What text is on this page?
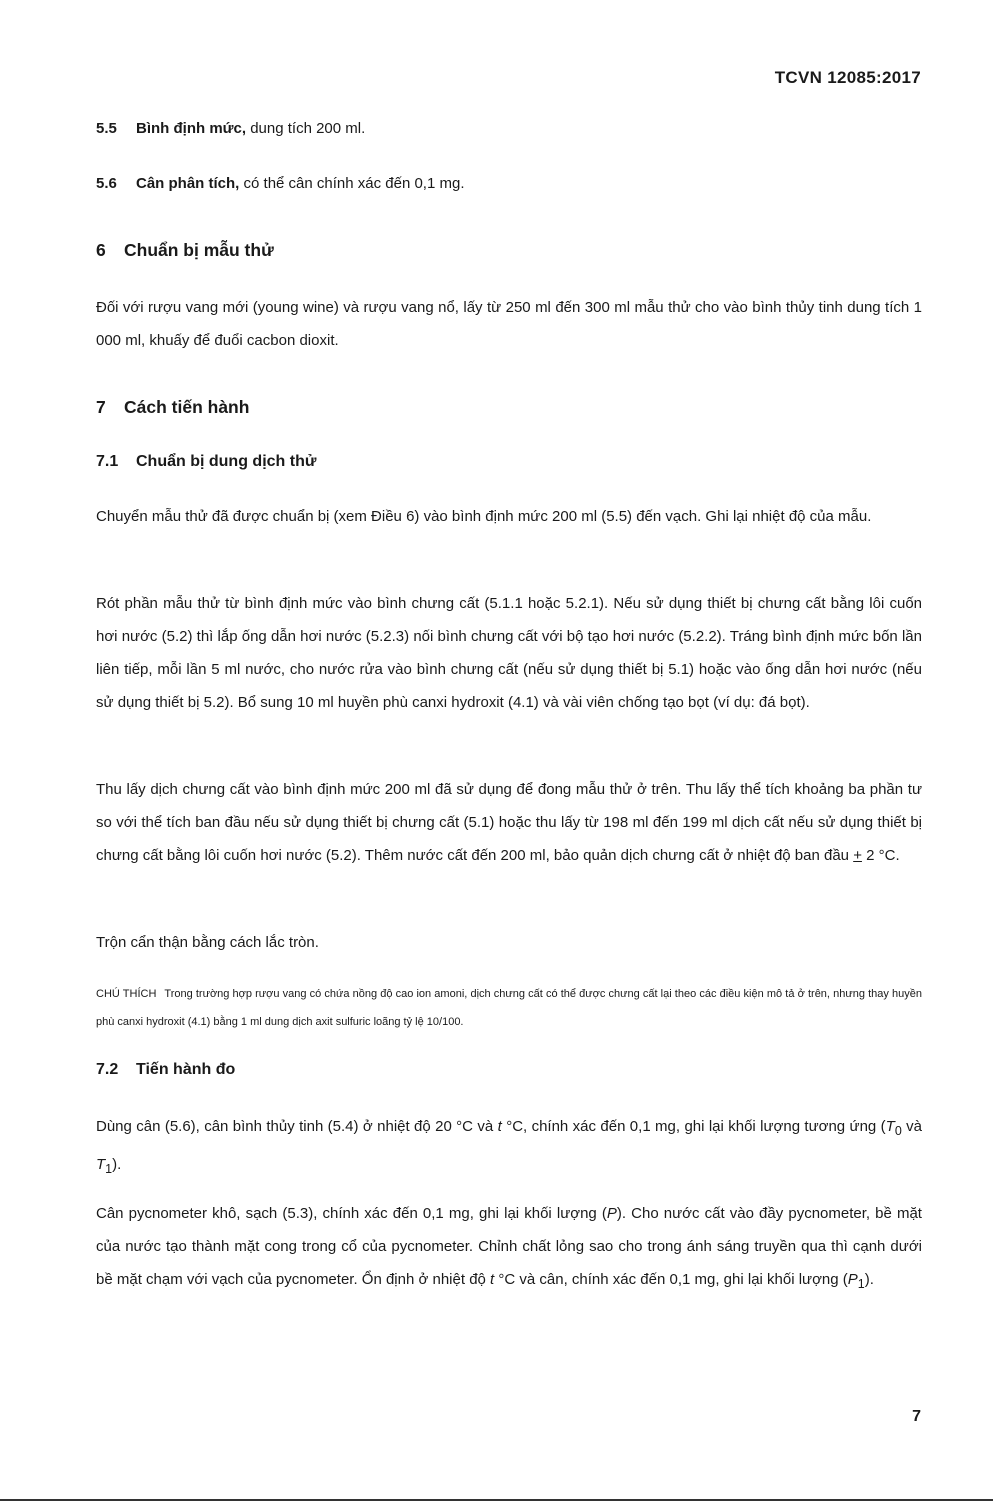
TCVN 12085:2017
5.5 Bình định mức, dung tích 200 ml.
5.6 Cân phân tích, có thể cân chính xác đến 0,1 mg.
6 Chuẩn bị mẫu thử

Đối với rượu vang mới (young wine) và rượu vang nổ, lấy từ 250 ml đến 300 ml mẫu thử cho vào bình thủy tinh dung tích 1 000 ml, khuấy để đuổi cacbon dioxit.

7 Cách tiến hành
7.1 Chuẩn bị dung dịch thử

Chuyển mẫu thử đã được chuẩn bị (xem Điều 6) vào bình định mức 200 ml (5.5) đến vạch. Ghi lại nhiệt độ của mẫu.

Rót phần mẫu thử từ bình định mức vào bình chưng cất (5.1.1 hoặc 5.2.1). Nếu sử dụng thiết bị chưng cất bằng lôi cuốn hơi nước (5.2) thì lắp ống dẫn hơi nước (5.2.3) nối bình chưng cất với bộ tạo hơi nước (5.2.2). Tráng bình định mức bốn lần liên tiếp, mỗi lần 5 ml nước, cho nước rửa vào bình chưng cất (nếu sử dụng thiết bị 5.1) hoặc vào ống dẫn hơi nước (nếu sử dụng thiết bị 5.2). Bổ sung 10 ml huyền phù canxi hydroxit (4.1) và vài viên chống tạo bọt (ví dụ: đá bọt).

Thu lấy dịch chưng cất vào bình định mức 200 ml đã sử dụng để đong mẫu thử ở trên. Thu lấy thể tích khoảng ba phần tư so với thể tích ban đầu nếu sử dụng thiết bị chưng cất (5.1) hoặc thu lấy từ 198 ml đến 199 ml dịch cất nếu sử dụng thiết bị chưng cất bằng lôi cuốn hơi nước (5.2). Thêm nước cất đến 200 ml, bảo quản dịch chưng cất ở nhiệt độ ban đầu + 2 °C.

Trộn cẩn thận bằng cách lắc tròn.

CHÚ THÍCH Trong trường hợp rượu vang có chứa nồng độ cao ion amoni, dịch chưng cất có thể được chưng cất lại theo các điều kiện mô tả ở trên, nhưng thay huyền phù canxi hydroxit (4.1) bằng 1 ml dung dịch axit sulfuric loãng tỷ lệ 10/100.

7.2 Tiến hành đo

Dùng cân (5.6), cân bình thủy tinh (5.4) ở nhiệt độ 20 °C và t °C, chính xác đến 0,1 mg, ghi lại khối lượng tương ứng ($T_0$ và $T_1$).

Cân pycnometer khô, sạch (5.3), chính xác đến 0,1 mg, ghi lại khối lượng (P). Cho nước cất vào đầy pycnometer, bề mặt của nước tạo thành mặt cong trong cổ của pycnometer. Chỉnh chất lỏng sao cho trong ánh sáng truyền qua thì cạnh dưới bề mặt chạm với vạch của pycnometer. Ổn định ở nhiệt độ t °C và cân, chính xác đến 0,1 mg, ghi lại khối lượng $(P_1)$.

7
